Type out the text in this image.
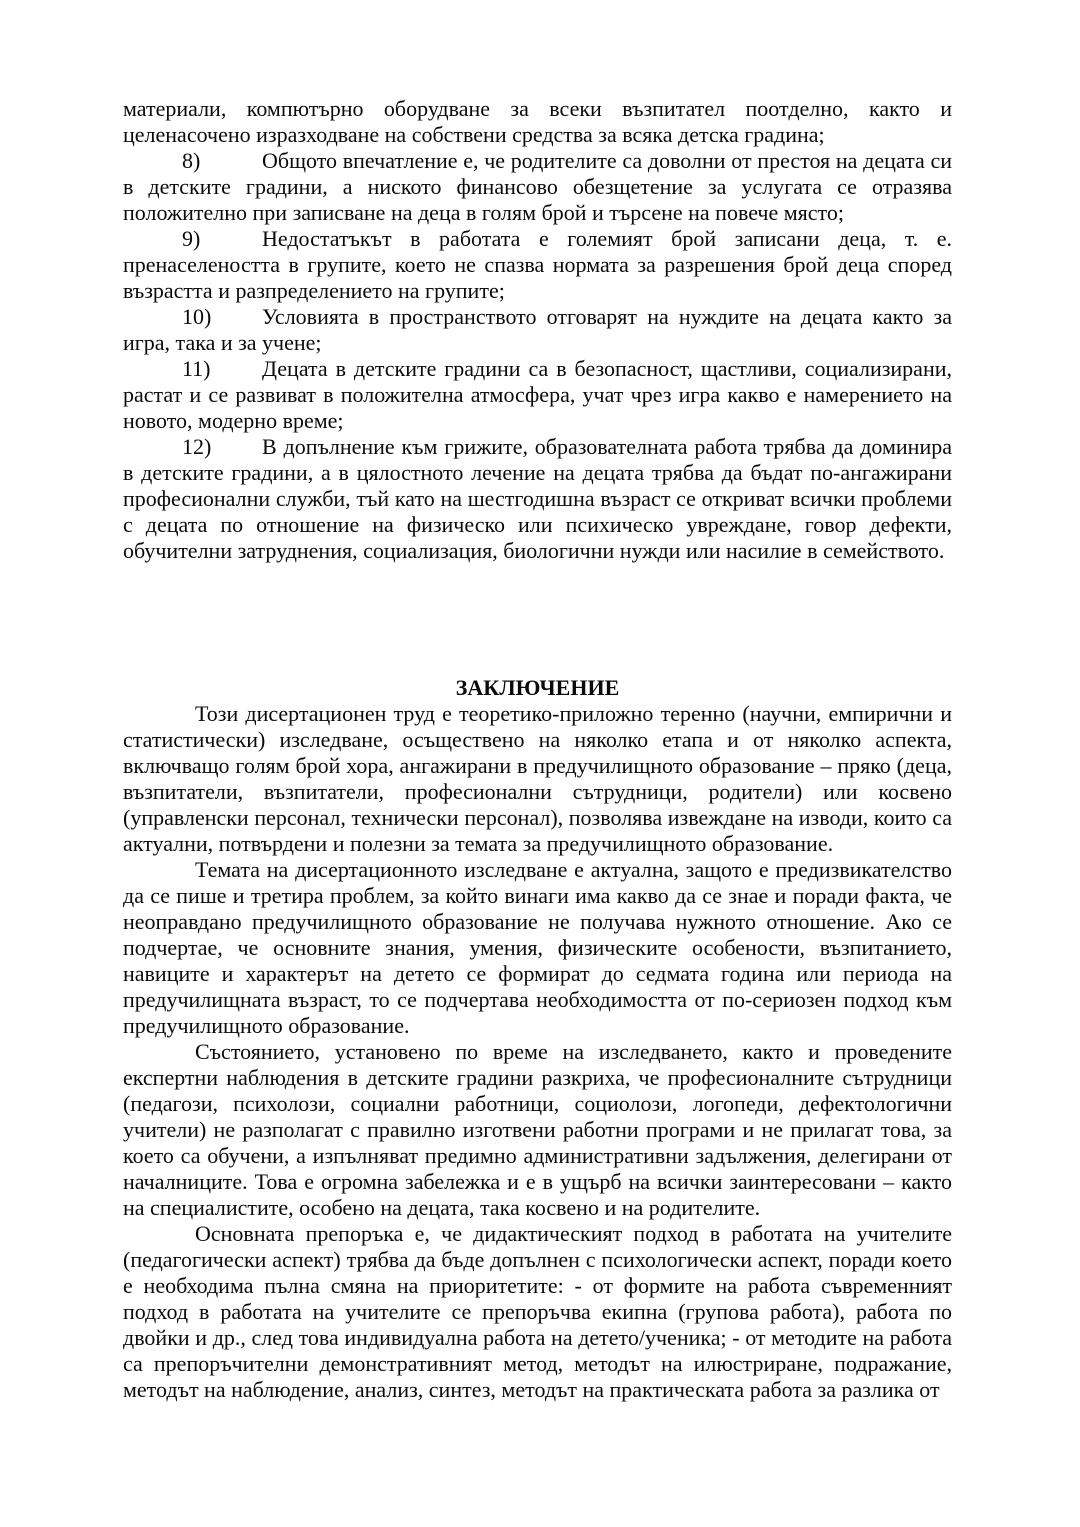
материали, компютърно оборудване за всеки възпитател поотделно, както и целенасочено изразходване на собствени средства за всяка детска градина;

8)	Общото впечатление е, че родителите са доволни от престоя на децата си в детските градини, а ниското финансово обезщетение за услугата се отразява положително при записване на деца в голям брой и търсене на повече място;

9)	Недостатъкът в работата е големият брой записани деца, т. е. пренаселеността в групите, което не спазва нормата за разрешения брой деца според възрастта и разпределението на групите;

10) Условията в пространството отговарят на нуждите на децата както за игра, така и за учене;

11) Децата в детските градини са в безопасност, щастливи, социализирани, растат и се развиват в положителна атмосфера, учат чрез игра какво е намерението на новото, модерно време;

12) В допълнение към грижите, образователната работа трябва да доминира в детските градини, а в цялостното лечение на децата трябва да бъдат по-ангажирани професионални служби, тъй като на шестгодишна възраст се откриват всички проблеми с децата по отношение на физическо или психическо увреждане, говор дефекти, обучителни затруднения, социализация, биологични нужди или насилие в семейството.

ЗАКЛЮЧЕНИЕ

Този дисертационен труд е теоретико-приложно теренно (научни, емпирични и статистически) изследване, осъществено на няколко етапа и от няколко аспекта, включващо голям брой хора, ангажирани в предучилищното образование – пряко (деца, възпитатели, възпитатели, професионални сътрудници, родители) или косвено (управленски персонал, технически персонал), позволява извеждане на изводи, които са актуални, потвърдени и полезни за темата за предучилищното образование.

Темата на дисертационното изследване е актуална, защото е предизвикателство да се пише и третира проблем, за който винаги има какво да се знае и поради факта, че неоправдано предучилищното образование не получава нужното отношение. Ако се подчертае, че основните знания, умения, физическите особености, възпитанието, навиците и характерът на детето се формират до седмата година или периода на предучилищната възраст, то се подчертава необходимостта от по-сериозен подход към предучилищното образование.

Състоянието, установено по време на изследването, както и проведените експертни наблюдения в детските градини разкриха, че професионалните сътрудници (педагози, психолози, социални работници, социолози, логопеди, дефектологични учители) не разполагат с правилно изготвени работни програми и не прилагат това, за което са обучени, а изпълняват предимно административни задължения, делегирани от началниците. Това е огромна забележка и е в ущърб на всички заинтересовани – както на специалистите, особено на децата, така косвено и на родителите.

Основната препоръка е, че дидактическият подход в работата на учителите (педагогически аспект) трябва да бъде допълнен с психологически аспект, поради което е необходима пълна смяна на приоритетите: - от формите на работа съвременният подход в работата на учителите се препоръчва екипна (групова работа), работа по двойки и др., след това индивидуална работа на детето/ученика; - от методите на работа са препоръчителни демонстративният метод, методът на илюстриране, подражание, методът на наблюдение, анализ, синтез, методът на практическата работа за разлика от
